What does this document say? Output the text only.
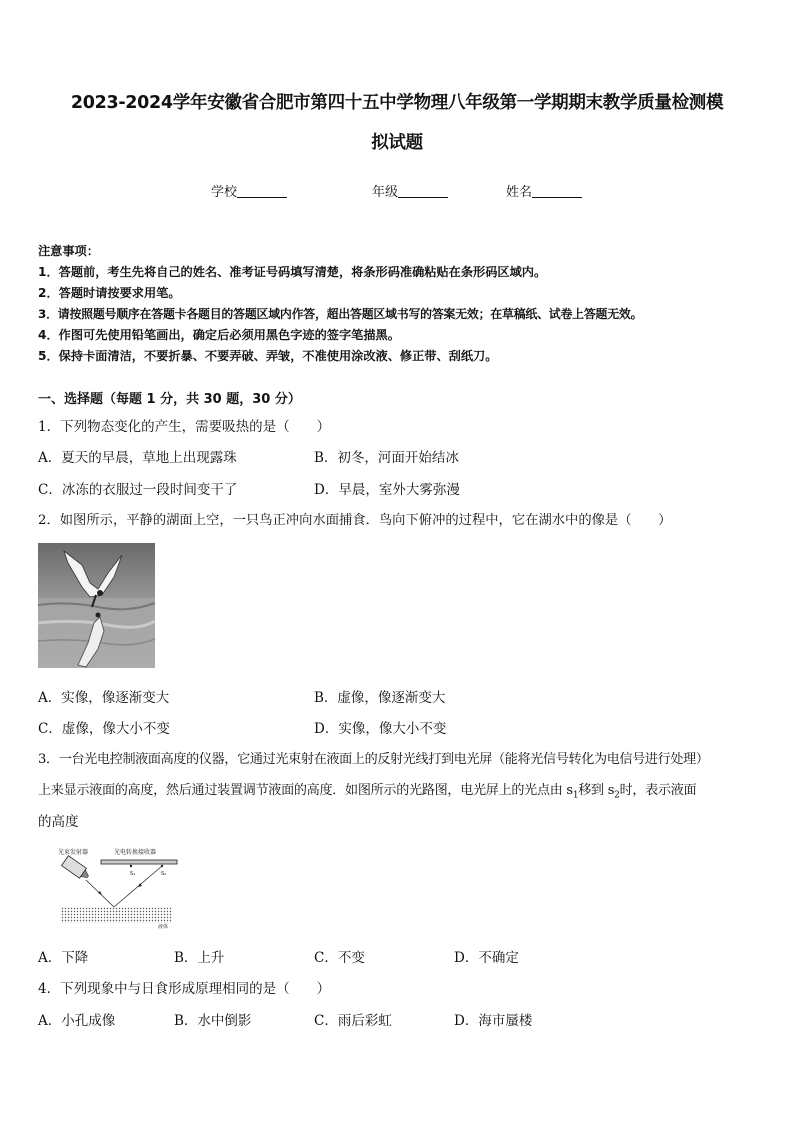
2023-2024学年安徽省合肥市第四十五中学物理八年级第一学期期末教学质量检测模
拟试题
学校	年级	姓名
注意事项：
1．答题前，考生先将自己的姓名、准考证号码填写清楚，将条形码准确粘贴在条形码区域内。
2．答题时请按要求用笔。
3．请按照题号顺序在答题卡各题目的答题区域内作答，超出答题区域书写的答案无效；在草稿纸、试卷上答题无效。
4．作图可先使用铅笔画出，确定后必须用黑色字迹的签字笔描黑。
5．保持卡面清洁，不要折暴、不要弄破、弄皱，不准使用涂改液、修正带、刮纸刀。
一、选择题（每题 1 分，共 30 题，30 分）
1．下列物态变化的产生，需要吸热的是（　　）
A．夏天的早晨，草地上出现露珠	B．初冬，河面开始结冰
C．冰冻的衣服过一段时间变干了	D．早晨，室外大雾弥漫
2．如图所示，平静的湖面上空，一只鸟正冲向水面捕食．鸟向下俯冲的过程中，它在湖水中的像是（　　）
A．实像，像逐渐变大	B．虚像，像逐渐变大
C．虚像，像大小不变	D．实像，像大小不变
3．一台光电控制液面高度的仪器，它通过光束射在液面上的反射光线打到电光屏（能将光信号转化为电信号进行处理）
上来显示液面的高度，然后通过装置调节液面的高度．如图所示的光路图，电光屏上的光点由 $s_1$移到 $s_2$时，表示液面
的高度
光束发射器	光电转换接收器
S₁	S₂
液体
A．下降	B．上升	C．不变	D．不确定
4．下列现象中与日食形成原理相同的是（　　）
A．小孔成像	B．水中倒影	C．雨后彩虹	D．海市蜃楼
